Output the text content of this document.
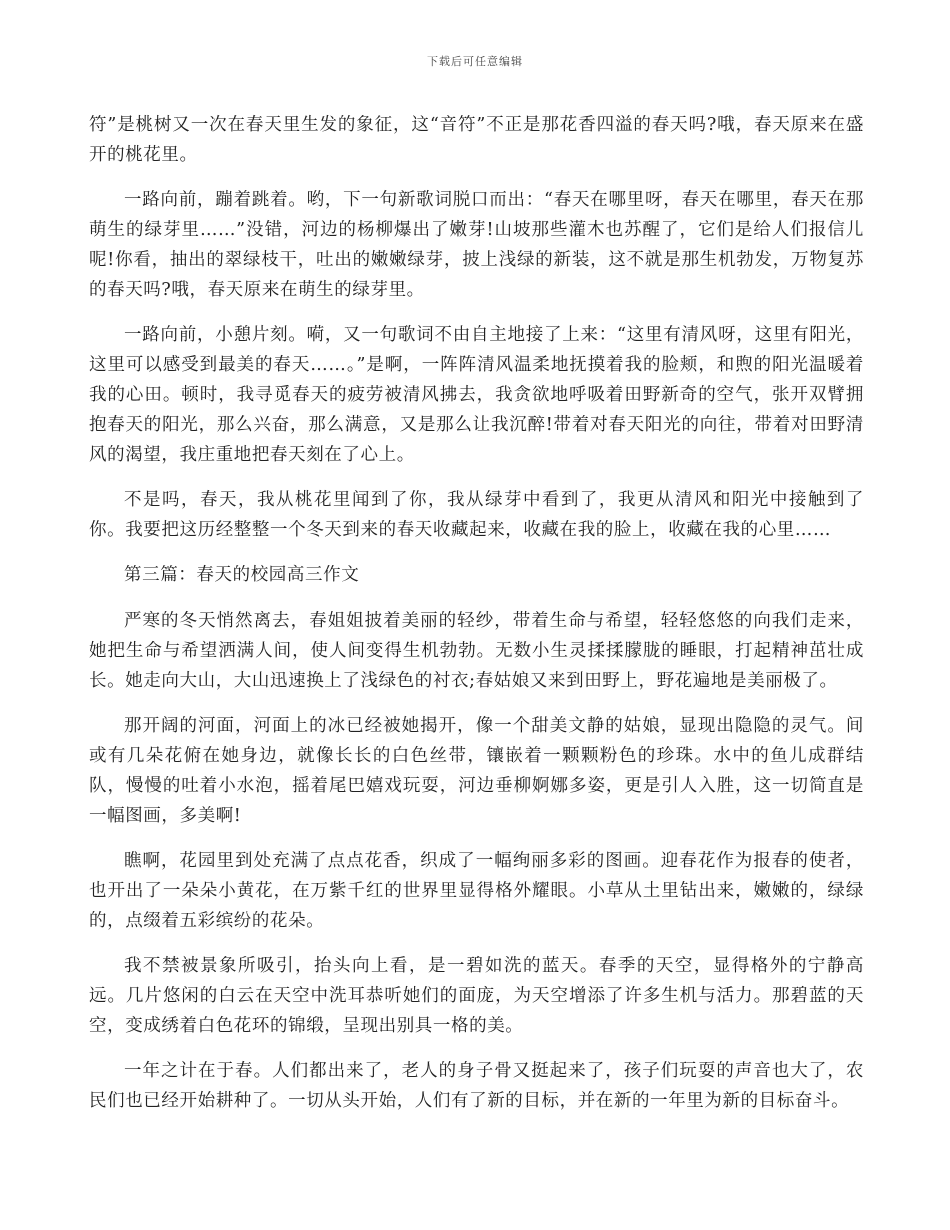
下载后可任意编辑

符”是桃树又一次在春天里生发的象征，这“音符”不正是那花香四溢的春天吗?哦，春天原来在盛开的桃花里。

一路向前，蹦着跳着。哟，下一句新歌词脱口而出：“春天在哪里呀，春天在哪里，春天在那萌生的绿芽里……”没错，河边的杨柳爆出了嫩芽!山坡那些灌木也苏醒了，它们是给人们报信儿呢!你看，抽出的翠绿枝干，吐出的嫩嫩绿芽，披上浅绿的新装，这不就是那生机勃发，万物复苏的春天吗?哦，春天原来在萌生的绿芽里。

一路向前，小憩片刻。嗬，又一句歌词不由自主地接了上来：“这里有清风呀，这里有阳光，这里可以感受到最美的春天……。”是啊，一阵阵清风温柔地抚摸着我的脸颊，和煦的阳光温暖着我的心田。顿时，我寻觅春天的疲劳被清风拂去，我贪欲地呼吸着田野新奇的空气，张开双臂拥抱春天的阳光，那么兴奋，那么满意，又是那么让我沉醉!带着对春天阳光的向往，带着对田野清风的渴望，我庄重地把春天刻在了心上。

不是吗，春天，我从桃花里闻到了你，我从绿芽中看到了，我更从清风和阳光中接触到了你。我要把这历经整整一个冬天到来的春天收藏起来，收藏在我的脸上，收藏在我的心里……

第三篇：春天的校园高三作文

严寒的冬天悄然离去，春姐姐披着美丽的轻纱，带着生命与希望，轻轻悠悠的向我们走来，她把生命与希望洒满人间，使人间变得生机勃勃。无数小生灵揉揉朦胧的睡眼，打起精神茁壮成长。她走向大山，大山迅速换上了浅绿色的衬衣;春姑娘又来到田野上，野花遍地是美丽极了。

那开阔的河面，河面上的冰已经被她揭开，像一个甜美文静的姑娘，显现出隐隐的灵气。间或有几朵花俯在她身边，就像长长的白色丝带，镶嵌着一颗颗粉色的珍珠。水中的鱼儿成群结队，慢慢的吐着小水泡，摇着尾巴嬉戏玩耍，河边垂柳婀娜多姿，更是引人入胜，这一切简直是一幅图画，多美啊!

瞧啊，花园里到处充满了点点花香，织成了一幅绚丽多彩的图画。迎春花作为报春的使者，也开出了一朵朵小黄花，在万紫千红的世界里显得格外耀眼。小草从土里钻出来，嫩嫩的，绿绿的，点缀着五彩缤纷的花朵。

我不禁被景象所吸引，抬头向上看，是一碧如洗的蓝天。春季的天空，显得格外的宁静高远。几片悠闲的白云在天空中洗耳恭听她们的面庞，为天空增添了许多生机与活力。那碧蓝的天空，变成绣着白色花环的锦缎，呈现出别具一格的美。

一年之计在于春。人们都出来了，老人的身子骨又挺起来了，孩子们玩耍的声音也大了，农民们也已经开始耕种了。一切从头开始，人们有了新的目标，并在新的一年里为新的目标奋斗。
